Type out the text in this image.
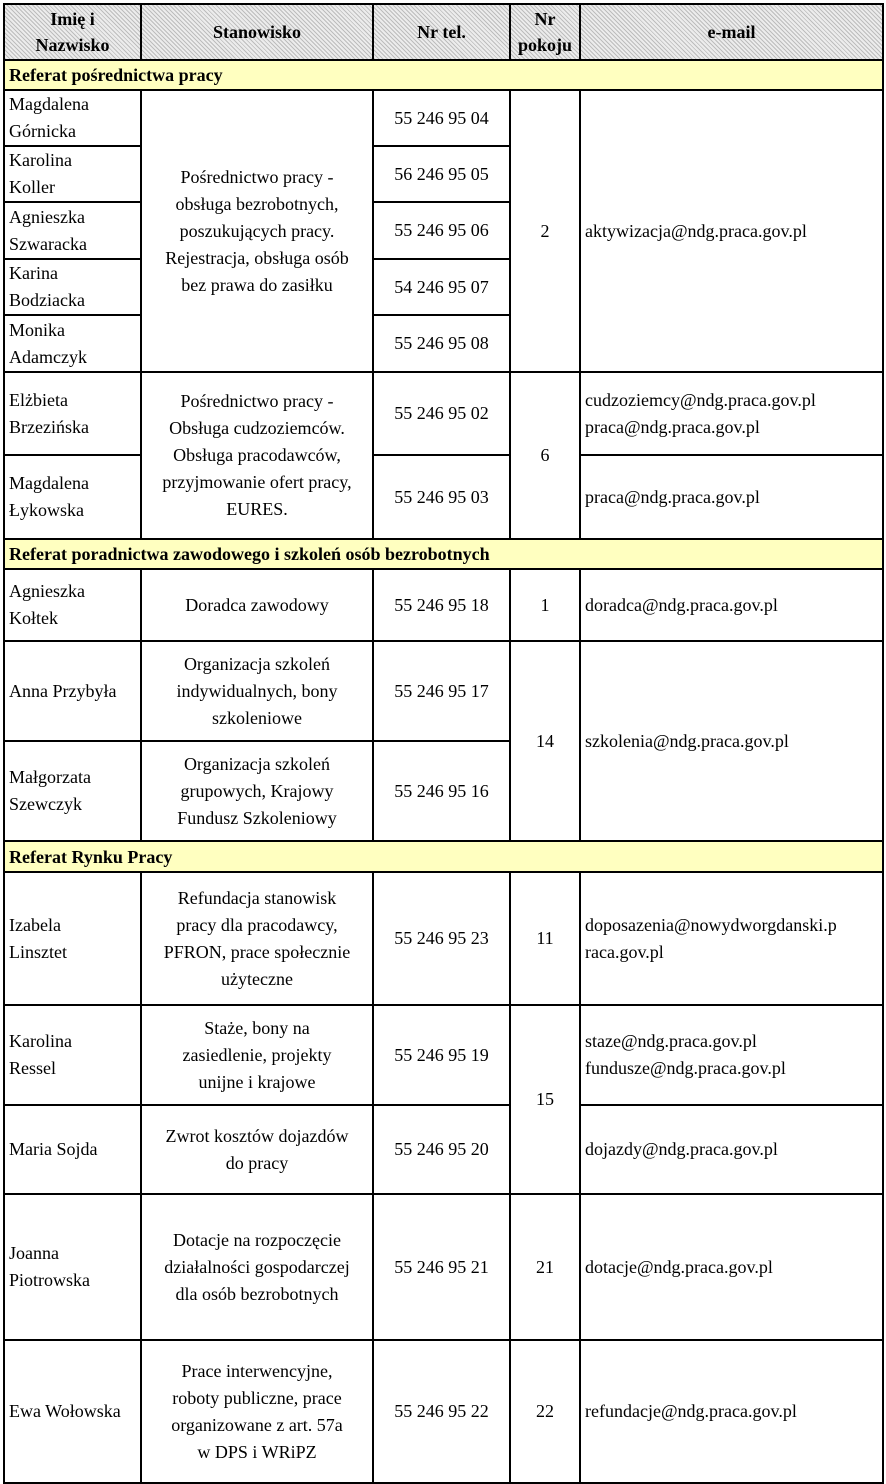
Imię i
Nazwisko	Stanowisko	Nr tel.	Nr
pokoju	e-mail
Referat pośrednictwa pracy				

Magdalena
Górnicka	Pośrednictwo pracy -
obsługa bezrobotnych,
poszukujących pracy.
Rejestracja, obsługa osób
bez prawa do zasiłku	55 246 95 04	2	aktywizacja@ndg.praca.gov.pl

Karolina
Koller		56 246 95 05		

Agnieszka
Szwaracka		55 246 95 06		

Karina
Bodziacka		54 246 95 07		

Monika
Adamczyk		55 246 95 08		

Elżbieta
Brzezińska	Pośrednictwo pracy -
Obsługa cudzoziemców.
Obsługa pracodawców,
przyjmowanie ofert pracy,
EURES.	55 246 95 02	6	cudzoziemcy@ndg.praca.gov.pl
praca@ndg.praca.gov.pl

Magdalena
Łykowska		55 246 95 03		praca@ndg.praca.gov.pl

Referat poradnictwa zawodowego i szkoleń osób bezrobotnych				

Agnieszka
Kołtek	Doradca zawodowy	55 246 95 18	1	doradca@ndg.praca.gov.pl

Anna Przybyła	Organizacja szkoleń
indywidualnych, bony
szkoleniowe	55 246 95 17	14	szkolenia@ndg.praca.gov.pl

Małgorzata
Szewczyk	Organizacja szkoleń
grupowych, Krajowy
Fundusz Szkoleniowy	55 246 95 16		
Referat Rynku Pracy				

Izabela
Linsztet	Refundacja stanowisk
pracy dla pracodawcy,
PFRON, prace społecznie
użyteczne	55 246 95 23	11	doposazenia@nowydworgdanski.p
raca.gov.pl

Karolina
Ressel	Staże, bony na
zasiedlenie, projekty
unijne i krajowe	55 246 95 19	15	staze@ndg.praca.gov.pl
fundusze@ndg.praca.gov.pl

Maria Sojda	Zwrot kosztów dojazdów
do pracy	55 246 95 20		dojazdy@ndg.praca.gov.pl

Joanna
Piotrowska	Dotacje na rozpoczęcie
działalności gospodarczej
dla osób bezrobotnych	55 246 95 21	21	dotacje@ndg.praca.gov.pl

Ewa Wołowska	Prace interwencyjne,
roboty publiczne, prace
organizowane z art. 57a
w DPS i WRiPZ	55 246 95 22	22	refundacje@ndg.praca.gov.pl
